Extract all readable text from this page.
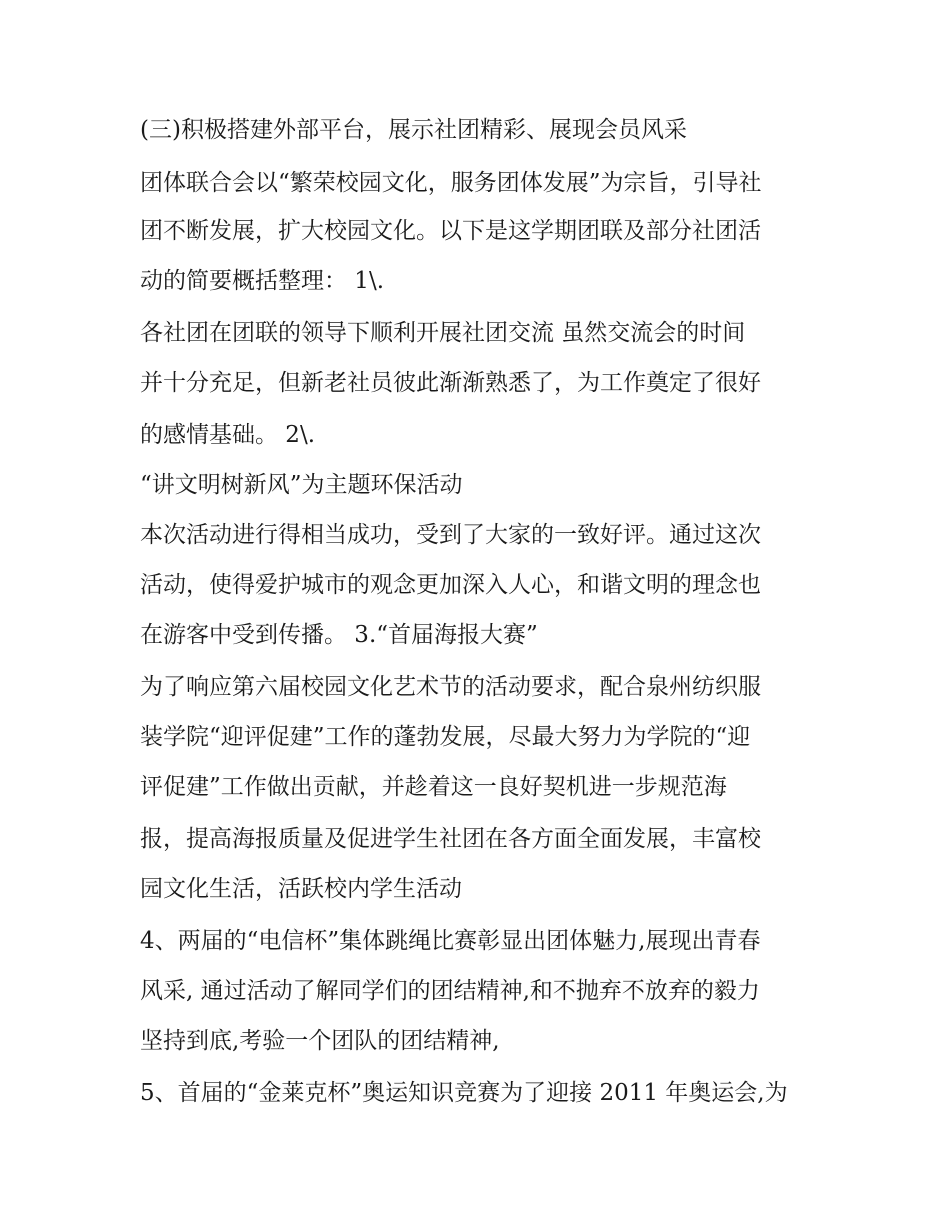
(三)积极搭建外部平台，展示社团精彩、展现会员风采
团体联合会以“繁荣校园文化，服务团体发展”为宗旨，引导社
团不断发展，扩大校园文化。以下是这学期团联及部分社团活
动的简要概括整理： 1\.
各社团在团联的领导下顺利开展社团交流 虽然交流会的时间
并十分充足，但新老社员彼此渐渐熟悉了，为工作奠定了很好
的感情基础。 2\.
“讲文明树新风”为主题环保活动
本次活动进行得相当成功，受到了大家的一致好评。通过这次
活动，使得爱护城市的观念更加深入人心，和谐文明的理念也
在游客中受到传播。 3.“首届海报大赛”
为了响应第六届校园文化艺术节的活动要求，配合泉州纺织服
装学院“迎评促建”工作的蓬勃发展，尽最大努力为学院的“迎
评促建”工作做出贡献，并趁着这一良好契机进一步规范海
报，提高海报质量及促进学生社团在各方面全面发展，丰富校
园文化生活，活跃校内学生活动
4、两届的“电信杯”集体跳绳比赛彰显出团体魅力,展现出青春
风采, 通过活动了解同学们的团结精神,和不抛弃不放弃的毅力
坚持到底,考验一个团队的团结精神,
5、首届的“金莱克杯”奥运知识竞赛为了迎接 2011 年奥运会,为
